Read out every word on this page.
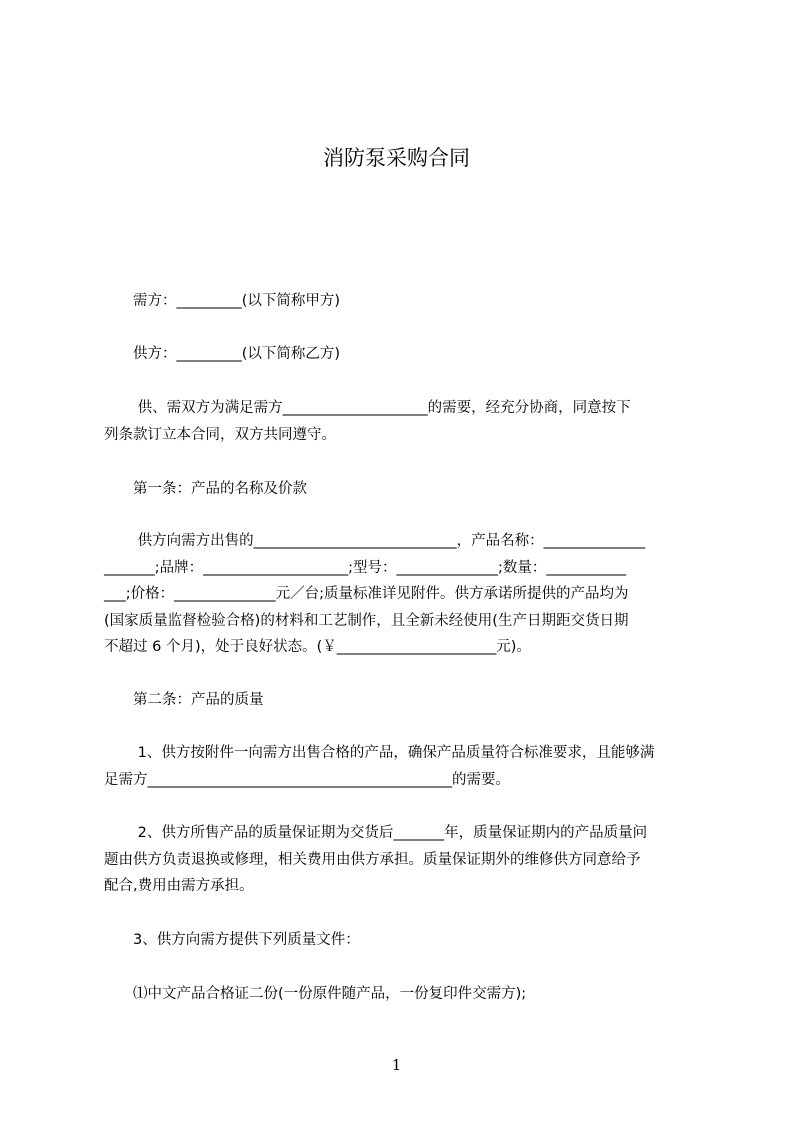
消防泵采购合同
　　需方：_________(以下简称甲方)
　　供方：_________(以下简称乙方)
　　 供、需双方为满足需方____________________的需要，经充分协商，同意按下
列条款订立本合同，双方共同遵守。
　　第一条：产品的名称及价款
　　 供方向需方出售的____________________________，产品名称：______________
_______;品牌：____________________;型号：______________;数量：___________
___;价格：______________元／台;质量标准详见附件。供方承诺所提供的产品均为
(国家质量监督检验合格)的材料和工艺制作，且全新未经使用(生产日期距交货日期
不超过 6 个月)，处于良好状态。(￥______________________元)。
　　第二条：产品的质量
　　 1、供方按附件一向需方出售合格的产品，确保产品质量符合标准要求，且能够满
足需方__________________________________________的需要。
　　 2、供方所售产品的质量保证期为交货后_______年，质量保证期内的产品质量问
题由供方负责退换或修理，相关费用由供方承担。质量保证期外的维修供方同意给予
配合,费用由需方承担。
　　3、供方向需方提供下列质量文件：
　　⑴中文产品合格证二份(一份原件随产品，一份复印件交需方);
1
